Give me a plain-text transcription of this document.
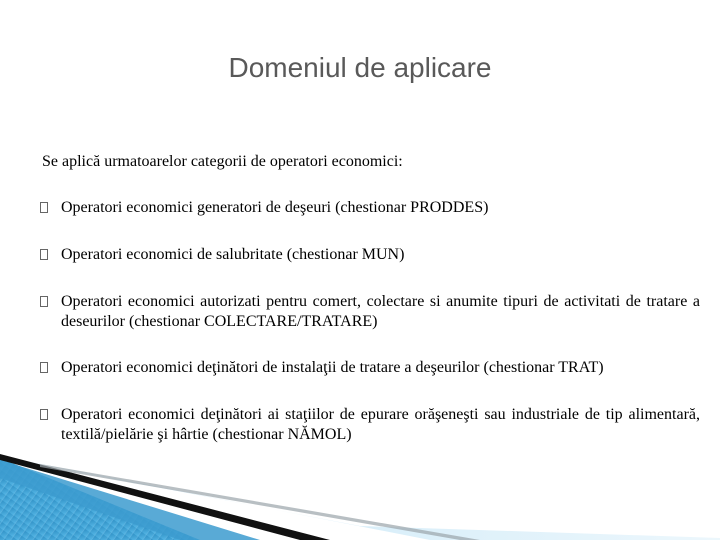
Domeniul de aplicare
Se aplică urmatoarelor categorii de operatori economici:
Operatori economici generatori de deşeuri (chestionar PRODDES)
Operatori economici de salubritate (chestionar MUN)
Operatori economici autorizati pentru comert, colectare si anumite tipuri de activitati de tratare a deseurilor (chestionar COLECTARE/TRATARE)
Operatori economici deţinători de instalaţii de tratare a deşeurilor (chestionar TRAT)
Operatori economici deţinători ai staţiilor de epurare orăşeneşti sau industriale de tip alimentară, textilă/pielărie şi hârtie (chestionar NĂMOL)
